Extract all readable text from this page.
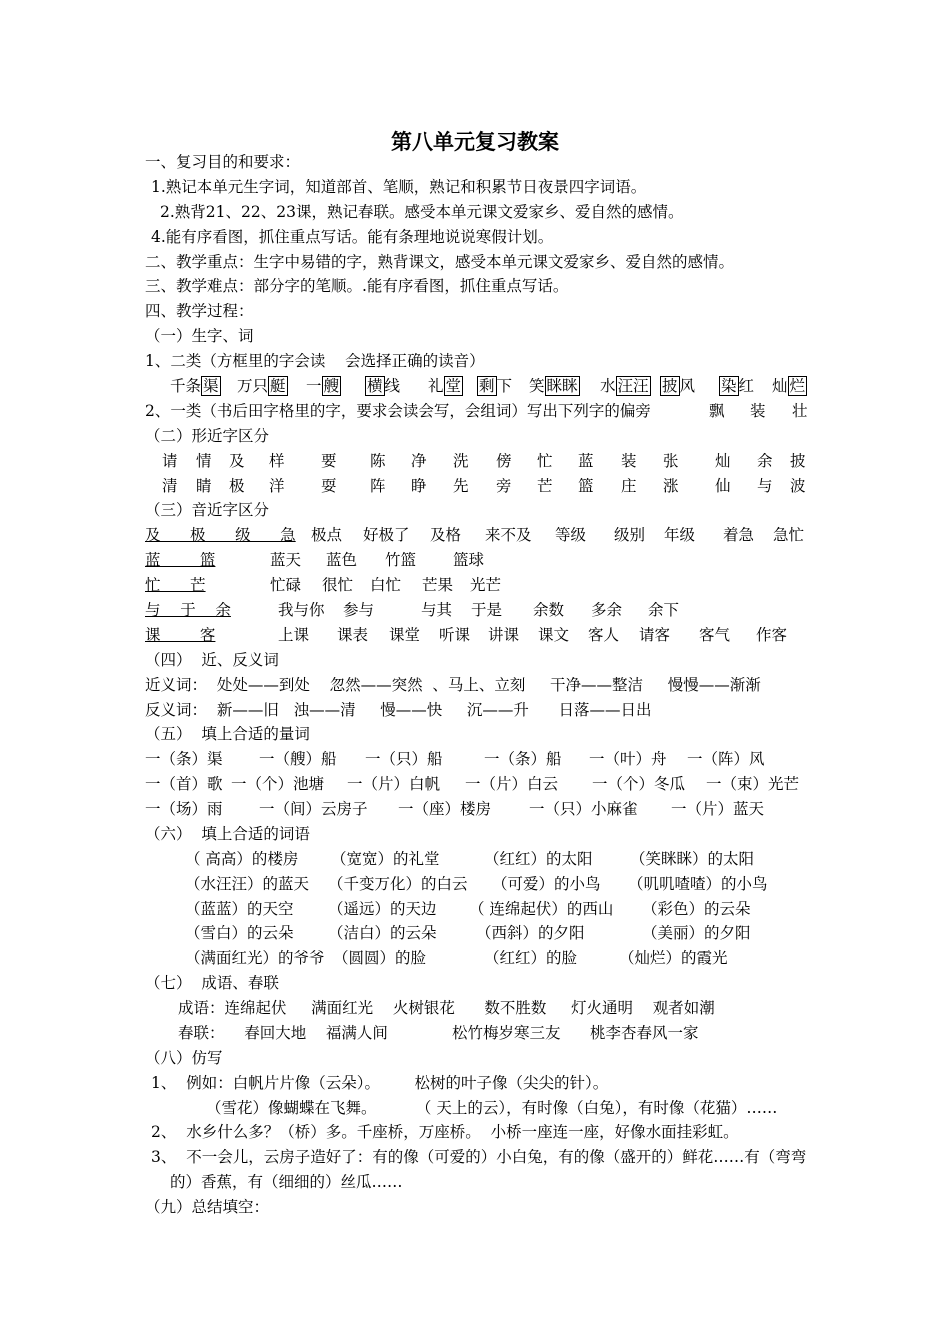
第八单元复习教案
一、复习目的和要求：
1.熟记本单元生字词，知道部首、笔顺，熟记和积累节日夜景四字词语。
2.熟背21、22、23课，熟记春联。感受本单元课文爱家乡、爱自然的感情。
4.能有序看图，抓住重点写话。能有条理地说说寒假计划。
二、教学重点：生字中易错的字，熟背课文，感受本单元课文爱家乡、爱自然的感情。
三、教学难点：部分字的笔顺。.能有序看图，抓住重点写话。
四、教学过程：
（一）生字、词
1、二类（方框里的字会读    会选择正确的读音）
千条 渠 万只 艇 一 艘 横 线 礼 堂 剩 下 笑 眯眯 水 汪汪 披 风 染 红 灿 烂
2、一类（书后田字格里的字，要求会读会写，会组词）写出下列字的偏旁	飘 装 壮
（二）形近字区分
请 情 及 样 要 陈 净 洗 傍 忙 蓝 装 张 灿 余 披
清 睛 极 洋 耍 阵 睁 先 旁 芒 篮 庄 涨 仙 与 波
（三）音近字区分
及      极      级      急 极点 好极了 及格 来不及 等级 级别 年级 着急 急忙
蓝        篮	蓝天 蓝色 竹篮 篮球
忙      芒	忙碌 很忙 白忙 芒果 光芒
与    于    余	我与你 参与	与其 于是 余数 多余 余下
课        客	上课 课表 课堂 听课 讲课 课文 客人 请客 客气 作客
（四）  近、反义词
近义词：  处处——到处    忽然——突然  、马上、立刻     干净——整洁     慢慢——渐渐
反义词：  新——旧   浊——清     慢——快     沉——升      日落——日出
（五）  填上合适的量词
一（条）渠 一（艘）船 一（只）船	一（条）船 一（叶）舟 一（阵）风
一（首）歌 一（个）池塘 一（片）白帆 一（片）白云 一（个）冬瓜 一（束）光芒
一（场）雨 一（间）云房子 一（座）楼房 一（只）小麻雀 一（片）蓝天
（六）  填上合适的词语
（ 高高）的楼房 （宽宽）的礼堂	（红红）的太阳 （笑眯眯）的太阳
（水汪汪）的蓝天 （千变万化）的白云 （可爱）的小鸟 （叽叽喳喳）的小鸟
（蓝蓝）的天空 （遥远）的天边 （ 连绵起伏）的西山 （彩色）的云朵
（雪白）的云朵 （洁白）的云朵	（西斜）的夕阳	（美丽）的夕阳
（满面红光）的爷爷 （圆圆）的脸	（红红）的脸	（灿烂）的霞光
（七）  成语、春联
成语：连绵起伏     满面红光    火树银花      数不胜数     灯火通明    观者如潮
春联：    春回大地    福满人间             松竹梅岁寒三友      桃李杏春风一家
（八）仿写
1、  例如：白帆片片像（云朵）。       松树的叶子像（尖尖的针）。
（雪花）像蝴蝶在飞舞。        （ 天上的云），有时像（白兔），有时像（花猫）……
2、  水乡什么多？（桥）多。千座桥，万座桥。  小桥一座连一座，好像水面挂彩虹。
3、  不一会儿，云房子造好了：有的像（可爱的）小白兔，有的像（盛开的）鲜花……有（弯弯
的）香蕉，有（细细的）丝瓜……
（九）总结填空：
